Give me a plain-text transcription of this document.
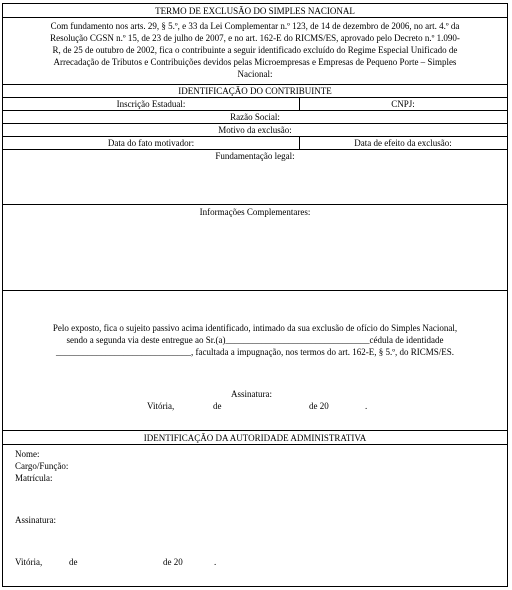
TERMO DE EXCLUSÃO DO SIMPLES NACIONAL
Com fundamento nos arts. 29, § 5.º, e 33 da Lei Complementar n.º 123, de 14 de dezembro de 2006, no art. 4.º da
Resolução CGSN n.º 15, de 23 de julho de 2007, e no art. 162-E do RICMS/ES, aprovado pelo Decreto n.º 1.090-
R, de 25 de outubro de 2002, fica o contribuinte a seguir identificado excluído do Regime Especial Unificado de
Arrecadação de Tributos e Contribuições devidos pelas Microempresas e Empresas de Pequeno Porte – Simples
Nacional:
IDENTIFICAÇÃO DO CONTRIBUINTE
Inscrição Estadual:	CNPJ:
Razão Social:
Motivo da exclusão:
Data do fato motivador:	Data de efeito da exclusão:
Fundamentação legal:
Informações Complementares:
Pelo exposto, fica o sujeito passivo acima identificado, intimado da sua exclusão de ofício do Simples Nacional,
sendo a segunda via deste entregue ao Sr.(a)________________________________cédula de identidade
______________________________, facultada a impugnação, nos termos do art. 162-E, § 5.º, do RICMS/ES.
Assinatura:
Vitória,	de	de 20	.
IDENTIFICAÇÃO DA AUTORIDADE ADMINISTRATIVA
Nome:
Cargo/Função:
Matrícula:
Assinatura:
Vitória,	de	de 20	.
